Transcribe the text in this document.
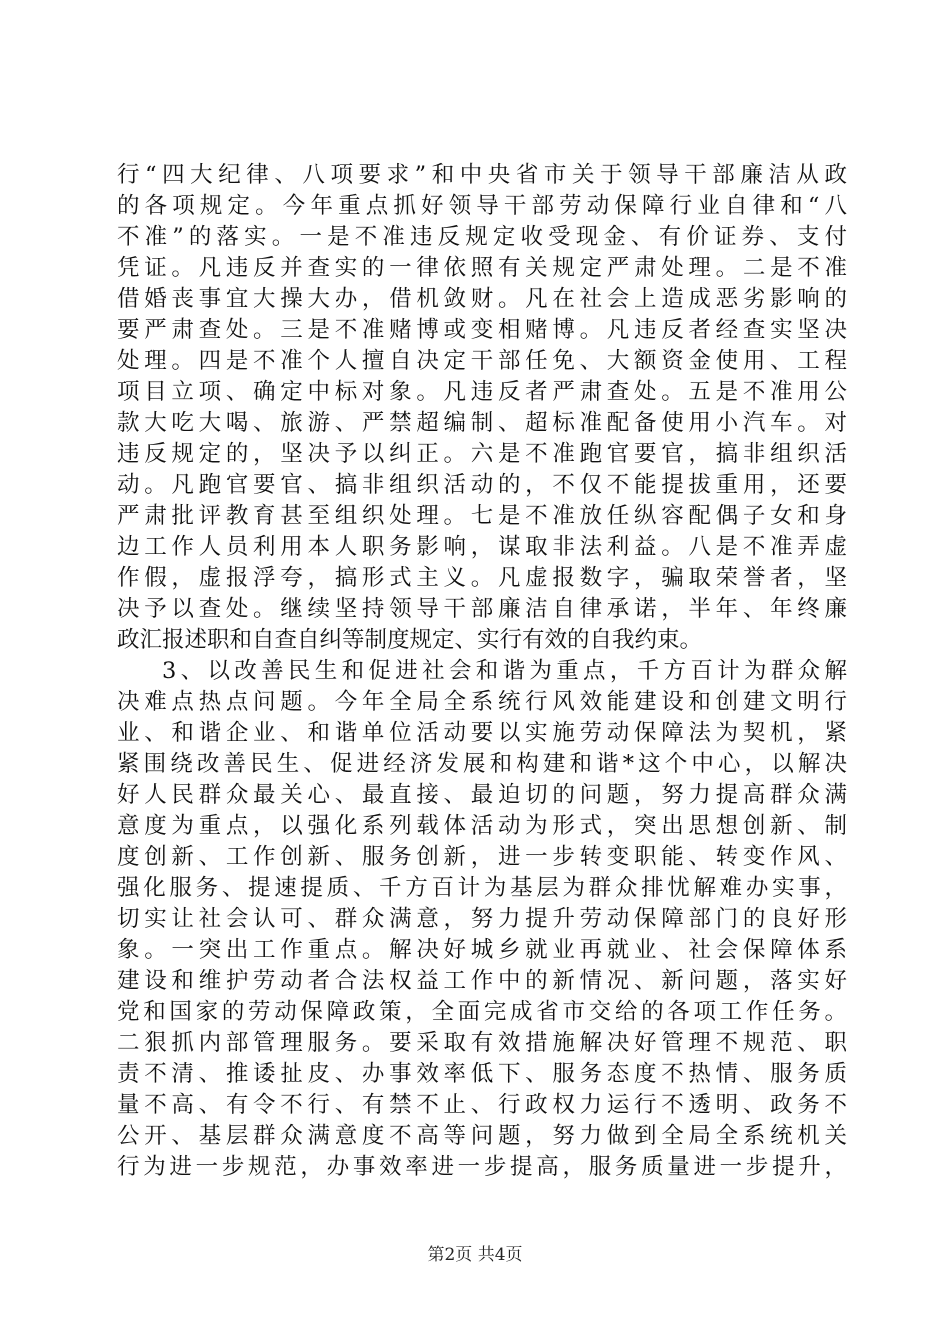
行“四大纪律、八项要求”和中央省市关于领导干部廉洁从政
的各项规定。今年重点抓好领导干部劳动保障行业自律和“八
不准”的落实。一是不准违反规定收受现金、有价证券、支付
凭证。凡违反并查实的一律依照有关规定严肃处理。二是不准
借婚丧事宜大操大办，借机敛财。凡在社会上造成恶劣影响的
要严肃查处。三是不准赌博或变相赌博。凡违反者经查实坚决
处理。四是不准个人擅自决定干部任免、大额资金使用、工程
项目立项、确定中标对象。凡违反者严肃查处。五是不准用公
款大吃大喝、旅游、严禁超编制、超标准配备使用小汽车。对
违反规定的，坚决予以纠正。六是不准跑官要官，搞非组织活
动。凡跑官要官、搞非组织活动的，不仅不能提拔重用，还要
严肃批评教育甚至组织处理。七是不准放任纵容配偶子女和身
边工作人员利用本人职务影响，谋取非法利益。八是不准弄虚
作假，虚报浮夸，搞形式主义。凡虚报数字，骗取荣誉者，坚
决予以查处。继续坚持领导干部廉洁自律承诺，半年、年终廉
政汇报述职和自查自纠等制度规定、实行有效的自我约束。
3、以改善民生和促进社会和谐为重点，千方百计为群众解
决难点热点问题。今年全局全系统行风效能建设和创建文明行
业、和谐企业、和谐单位活动要以实施劳动保障法为契机，紧
紧围绕改善民生、促进经济发展和构建和谐*这个中心，以解决
好人民群众最关心、最直接、最迫切的问题，努力提高群众满
意度为重点，以强化系列载体活动为形式，突出思想创新、制
度创新、工作创新、服务创新，进一步转变职能、转变作风、
强化服务、提速提质、千方百计为基层为群众排忧解难办实事，
切实让社会认可、群众满意，努力提升劳动保障部门的良好形
象。一突出工作重点。解决好城乡就业再就业、社会保障体系
建设和维护劳动者合法权益工作中的新情况、新问题，落实好
党和国家的劳动保障政策，全面完成省市交给的各项工作任务。
二狠抓内部管理服务。要采取有效措施解决好管理不规范、职
责不清、推诿扯皮、办事效率低下、服务态度不热情、服务质
量不高、有令不行、有禁不止、行政权力运行不透明、政务不
公开、基层群众满意度不高等问题，努力做到全局全系统机关
行为进一步规范，办事效率进一步提高，服务质量进一步提升，
第2页 共4页
